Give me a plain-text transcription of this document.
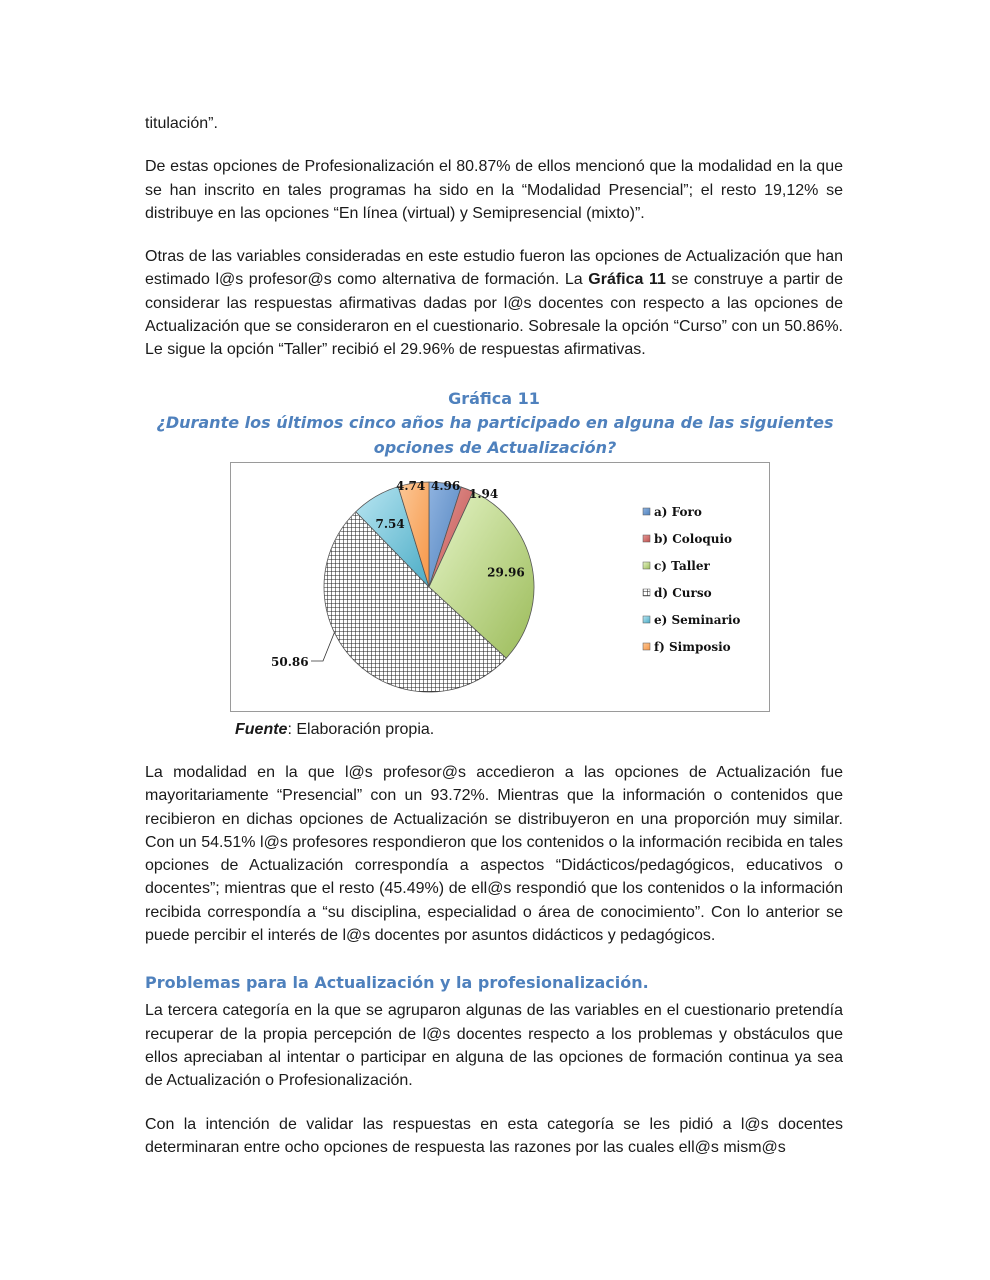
titulación”.

De estas opciones de Profesionalización el 80.87% de ellos mencionó que la modalidad en la que se han inscrito en tales programas ha sido en la “Modalidad Presencial”; el resto 19,12% se distribuye en las opciones “En línea (virtual) y Semipresencial (mixto)”.

Otras de las variables consideradas en este estudio fueron las opciones de Actualización que han estimado l@s profesor@s como alternativa de formación. La Gráfica 11 se construye a partir de considerar las respuestas afirmativas dadas por l@s docentes con respecto a las opciones de Actualización que se consideraron en el cuestionario. Sobresale la opción “Curso” con un 50.86%. Le sigue la opción “Taller” recibió el 29.96% de respuestas afirmativas.

Gráfica 11
¿Durante los últimos cinco años ha participado en alguna de las siguientes opciones de Actualización?
4.96
1.94
29.96
50.86
7.54
4.74
a) Foro
b) Coloquio
c) Taller
d) Curso
e) Seminario
f) Simposio
Fuente: Elaboración propia.

La modalidad en la que l@s profesor@s accedieron a las opciones de Actualización fue mayoritariamente “Presencial” con un 93.72%. Mientras que la información o contenidos que recibieron en dichas opciones de Actualización se distribuyeron en una proporción muy similar. Con un 54.51% l@s profesores respondieron que los contenidos o la información recibida en tales opciones de Actualización correspondía a aspectos “Didácticos/pedagógicos, educativos o docentes”; mientras que el resto (45.49%) de ell@s respondió que los contenidos o la información recibida correspondía a “su disciplina, especialidad o área de conocimiento”. Con lo anterior se puede percibir el interés de l@s docentes por asuntos didácticos y pedagógicos.

Problemas para la Actualización y la profesionalización.

La tercera categoría en la que se agruparon algunas de las variables en el cuestionario pretendía recuperar de la propia percepción de l@s docentes respecto a los problemas y obstáculos que ellos apreciaban al intentar o participar en alguna de las opciones de formación continua ya sea de Actualización o Profesionalización.

Con la intención de validar las respuestas en esta categoría se les pidió a l@s docentes determinaran entre ocho opciones de respuesta las razones por las cuales ell@s mism@s
